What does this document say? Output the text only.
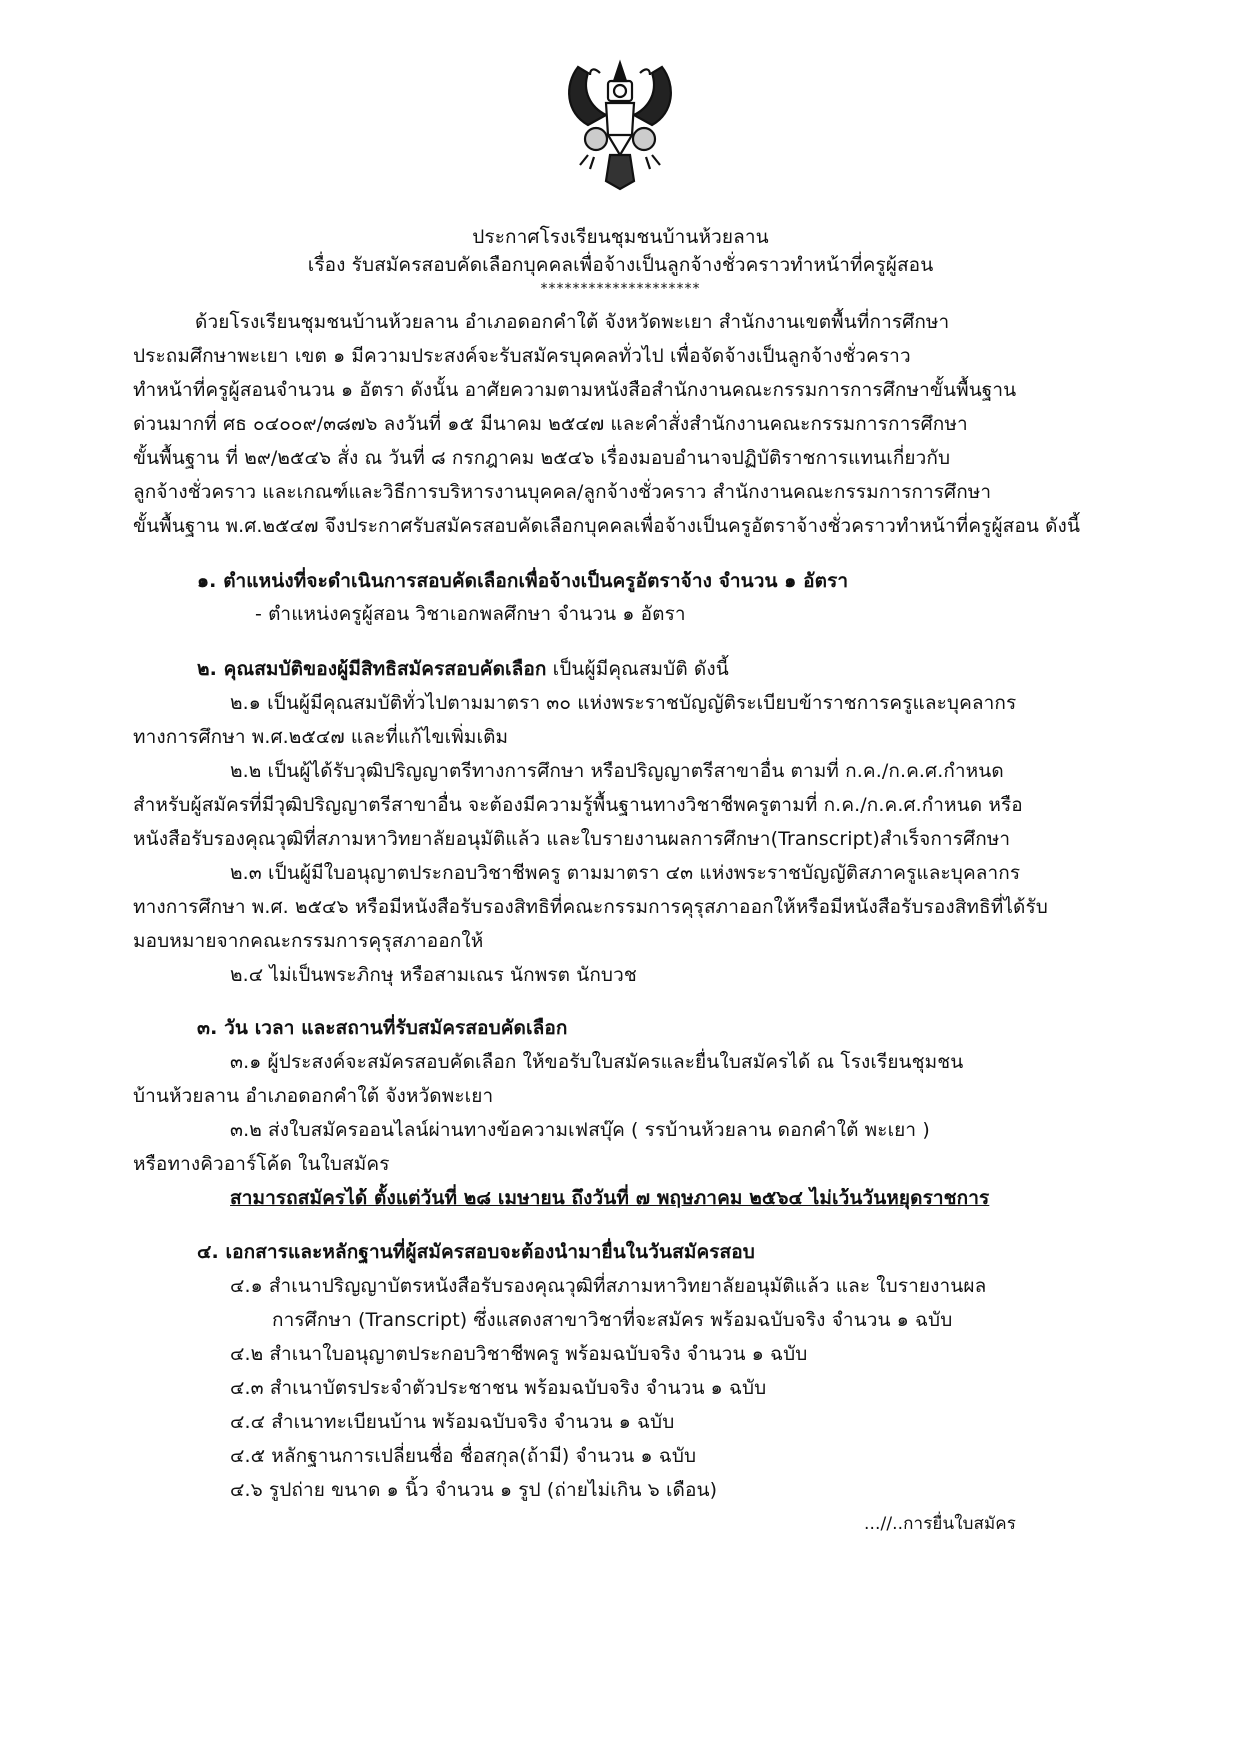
ประกาศโรงเรียนชุมชนบ้านห้วยลาน
เรื่อง รับสมัครสอบคัดเลือกบุคคลเพื่อจ้างเป็นลูกจ้างชั่วคราวทำหน้าที่ครูผู้สอน
********************
ด้วยโรงเรียนชุมชนบ้านห้วยลาน อำเภอดอกคำใต้ จังหวัดพะเยา สำนักงานเขตพื้นที่การศึกษา
ประถมศึกษาพะเยา เขต ๑ มีความประสงค์จะรับสมัครบุคคลทั่วไป เพื่อจัดจ้างเป็นลูกจ้างชั่วคราว
ทำหน้าที่ครูผู้สอนจำนวน ๑ อัตรา ดังนั้น อาศัยความตามหนังสือสำนักงานคณะกรรมการการศึกษาขั้นพื้นฐาน
ด่วนมากที่ ศธ ๐๔๐๐๙/๓๘๗๖ ลงวันที่ ๑๕ มีนาคม ๒๕๔๗ และคำสั่งสำนักงานคณะกรรมการการศึกษา
ขั้นพื้นฐาน ที่ ๒๙/๒๕๔๖ สั่ง ณ วันที่ ๘ กรกฎาคม ๒๕๔๖ เรื่องมอบอำนาจปฏิบัติราชการแทนเกี่ยวกับ
ลูกจ้างชั่วคราว และเกณฑ์และวิธีการบริหารงานบุคคล/ลูกจ้างชั่วคราว สำนักงานคณะกรรมการการศึกษา
ขั้นพื้นฐาน พ.ศ.๒๕๔๗ จึงประกาศรับสมัครสอบคัดเลือกบุคคลเพื่อจ้างเป็นครูอัตราจ้างชั่วคราวทำหน้าที่ครูผู้สอน ดังนี้
๑. ตำแหน่งที่จะดำเนินการสอบคัดเลือกเพื่อจ้างเป็นครูอัตราจ้าง จำนวน ๑ อัตรา
- ตำแหน่งครูผู้สอน วิชาเอกพลศึกษา จำนวน ๑ อัตรา
๒. คุณสมบัติของผู้มีสิทธิสมัครสอบคัดเลือก เป็นผู้มีคุณสมบัติ ดังนี้
๒.๑ เป็นผู้มีคุณสมบัติทั่วไปตามมาตรา ๓๐ แห่งพระราชบัญญัติระเบียบข้าราชการครูและบุคลากร
ทางการศึกษา พ.ศ.๒๕๔๗ และที่แก้ไขเพิ่มเติม
๒.๒ เป็นผู้ได้รับวุฒิปริญญาตรีทางการศึกษา หรือปริญญาตรีสาขาอื่น ตามที่ ก.ค./ก.ค.ศ.กำหนด
สำหรับผู้สมัครที่มีวุฒิปริญญาตรีสาขาอื่น จะต้องมีความรู้พื้นฐานทางวิชาชีพครูตามที่ ก.ค./ก.ค.ศ.กำหนด หรือ
หนังสือรับรองคุณวุฒิที่สภามหาวิทยาลัยอนุมัติแล้ว และใบรายงานผลการศึกษา(Transcript)สำเร็จการศึกษา
๒.๓ เป็นผู้มีใบอนุญาตประกอบวิชาชีพครู ตามมาตรา ๔๓ แห่งพระราชบัญญัติสภาครูและบุคลากร
ทางการศึกษา พ.ศ. ๒๕๔๖ หรือมีหนังสือรับรองสิทธิที่คณะกรรมการคุรุสภาออกให้หรือมีหนังสือรับรองสิทธิที่ได้รับ
มอบหมายจากคณะกรรมการคุรุสภาออกให้
๒.๔ ไม่เป็นพระภิกษุ หรือสามเณร นักพรต นักบวช
๓. วัน เวลา และสถานที่รับสมัครสอบคัดเลือก
๓.๑ ผู้ประสงค์จะสมัครสอบคัดเลือก ให้ขอรับใบสมัครและยื่นใบสมัครได้ ณ โรงเรียนชุมชน
บ้านห้วยลาน อำเภอดอกคำใต้ จังหวัดพะเยา
๓.๒ ส่งใบสมัครออนไลน์ผ่านทางข้อความเฟสบุ๊ค ( รรบ้านห้วยลาน ดอกคำใต้ พะเยา )
หรือทางคิวอาร์โค้ด ในใบสมัคร
สามารถสมัครได้ ตั้งแต่วันที่ ๒๘ เมษายน ถึงวันที่ ๗ พฤษภาคม ๒๕๖๔ ไม่เว้นวันหยุดราชการ
๔. เอกสารและหลักฐานที่ผู้สมัครสอบจะต้องนำมายื่นในวันสมัครสอบ
๔.๑ สำเนาปริญญาบัตรหนังสือรับรองคุณวุฒิที่สภามหาวิทยาลัยอนุมัติแล้ว และ ใบรายงานผล
การศึกษา (Transcript) ซึ่งแสดงสาขาวิชาที่จะสมัคร พร้อมฉบับจริง จำนวน ๑ ฉบับ
๔.๒ สำเนาใบอนุญาตประกอบวิชาชีพครู พร้อมฉบับจริง จำนวน ๑ ฉบับ
๔.๓ สำเนาบัตรประจำตัวประชาชน พร้อมฉบับจริง จำนวน ๑ ฉบับ
๔.๔ สำเนาทะเบียนบ้าน พร้อมฉบับจริง จำนวน ๑ ฉบับ
๔.๕ หลักฐานการเปลี่ยนชื่อ ชื่อสกุล(ถ้ามี) จำนวน ๑ ฉบับ
๔.๖ รูปถ่าย ขนาด ๑ นิ้ว จำนวน ๑ รูป (ถ่ายไม่เกิน ๖ เดือน)
...//..การยื่นใบสมัคร
